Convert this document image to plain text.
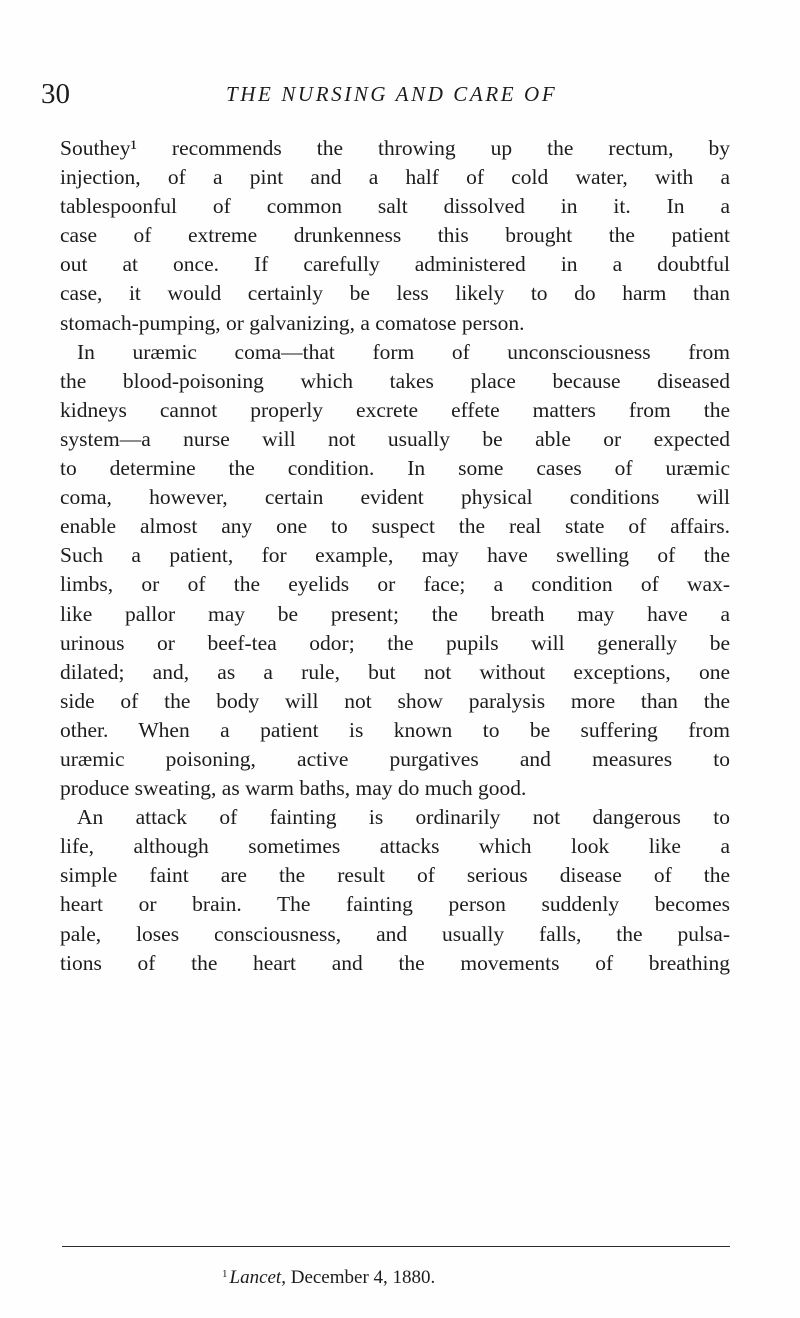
30	THE NURSING AND CARE OF
Southey¹ recommends the throwing up the rectum, by
injection, of a pint and a half of cold water, with a
tablespoonful of common salt dissolved in it. In a
case of extreme drunkenness this brought the patient
out at once. If carefully administered in a doubtful
case, it would certainly be less likely to do harm than
stomach-pumping, or galvanizing, a comatose person.
In uræmic coma—that form of unconsciousness from
the blood-poisoning which takes place because diseased
kidneys cannot properly excrete effete matters from the
system—a nurse will not usually be able or expected
to determine the condition. In some cases of uræmic
coma, however, certain evident physical conditions will
enable almost any one to suspect the real state of affairs.
Such a patient, for example, may have swelling of the
limbs, or of the eyelids or face; a condition of wax-
like pallor may be present; the breath may have a
urinous or beef-tea odor; the pupils will generally be
dilated; and, as a rule, but not without exceptions, one
side of the body will not show paralysis more than the
other. When a patient is known to be suffering from
uræmic poisoning, active purgatives and measures to
produce sweating, as warm baths, may do much good.
An attack of fainting is ordinarily not dangerous to
life, although sometimes attacks which look like a
simple faint are the result of serious disease of the
heart or brain. The fainting person suddenly becomes
pale, loses consciousness, and usually falls, the pulsa-
tions of the heart and the movements of breathing
$^1$ Lancet, December 4, 1880.
